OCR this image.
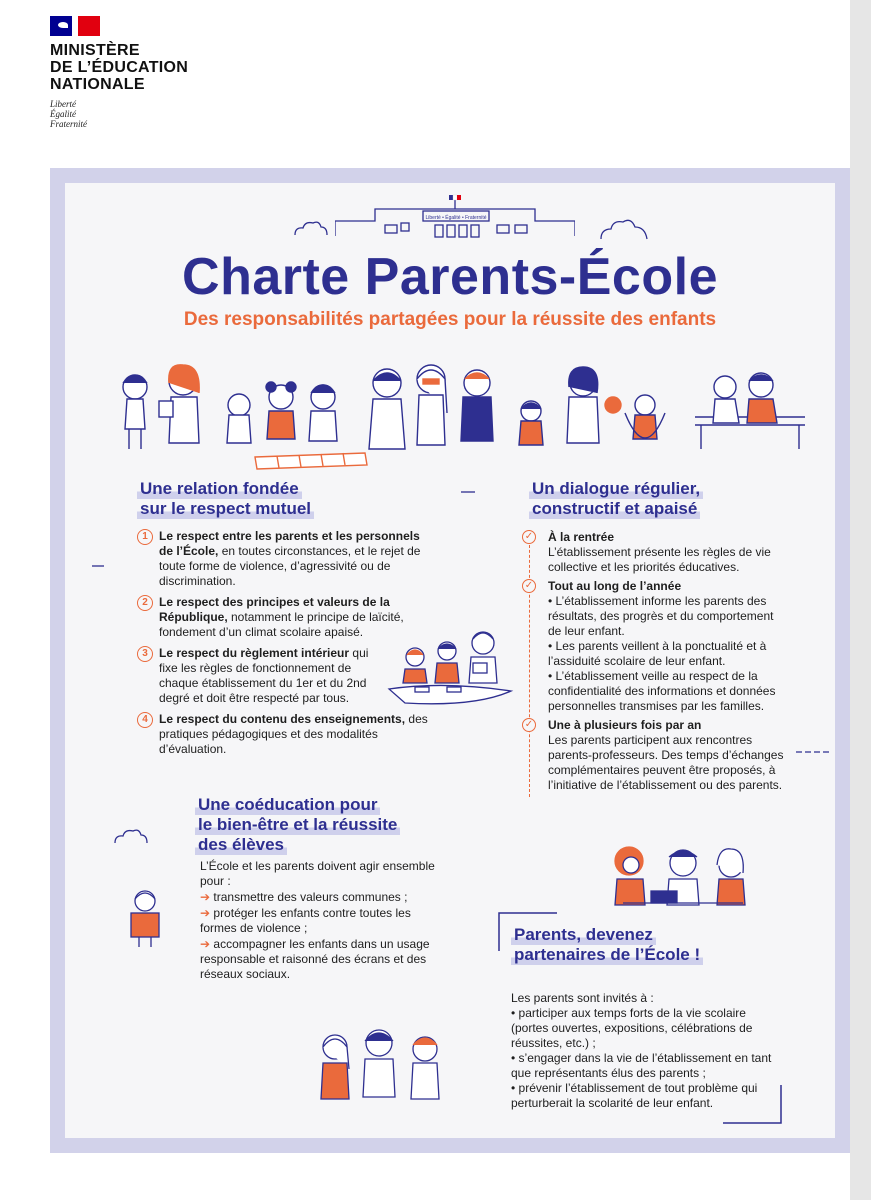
MINISTÈRE
DE L’ÉDUCATION
NATIONALE
Liberté
Égalité
Fraternité
Liberté • Égalité • Fraternité
Charte Parents-École
Des responsabilités partagées pour la réussite des enfants
Une relation fondée
sur le respect mutuel
1 Le respect entre les parents et les personnels de l’École, en toutes circonstances, et le rejet de toute forme de violence, d’agressivité ou de discrimination.
2 Le respect des principes et valeurs de la République, notamment le principe de laïcité, fondement d’un climat scolaire apaisé.
3 Le respect du règlement intérieur qui fixe les règles de fonctionnement de chaque établissement du 1er et du 2nd degré et doit être respecté par tous.
4 Le respect du contenu des enseignements, des pratiques pédagogiques et des modalités d’évaluation.
Un dialogue régulier,
constructif et apaisé
✓ À la rentrée
L’établissement présente les règles de vie collective et les priorités éducatives.
✓ Tout au long de l’année
• L’établissement informe les parents des résultats, des progrès et du comportement de leur enfant.
• Les parents veillent à la ponctualité et à l’assiduité scolaire de leur enfant.
• L’établissement veille au respect de la confidentialité des informations et données personnelles transmises par les familles.
✓ Une à plusieurs fois par an
Les parents participent aux rencontres parents-professeurs. Des temps d’échanges complémentaires peuvent être proposés, à l’initiative de l’établissement ou des parents.
Une coéducation pour
le bien-être et la réussite
des élèves
L’École et les parents doivent agir ensemble pour :
➔ transmettre des valeurs communes ;
➔ protéger les enfants contre toutes les formes de violence ;
➔ accompagner les enfants dans un usage responsable et raisonné des écrans et des réseaux sociaux.
Parents, devenez
partenaires de l’École !
Les parents sont invités à :
• participer aux temps forts de la vie scolaire (portes ouvertes, expositions, célébrations de réussites, etc.) ;
• s’engager dans la vie de l’établissement en tant que représentants élus des parents ;
• prévenir l’établissement de tout problème qui perturberait la scolarité de leur enfant.
